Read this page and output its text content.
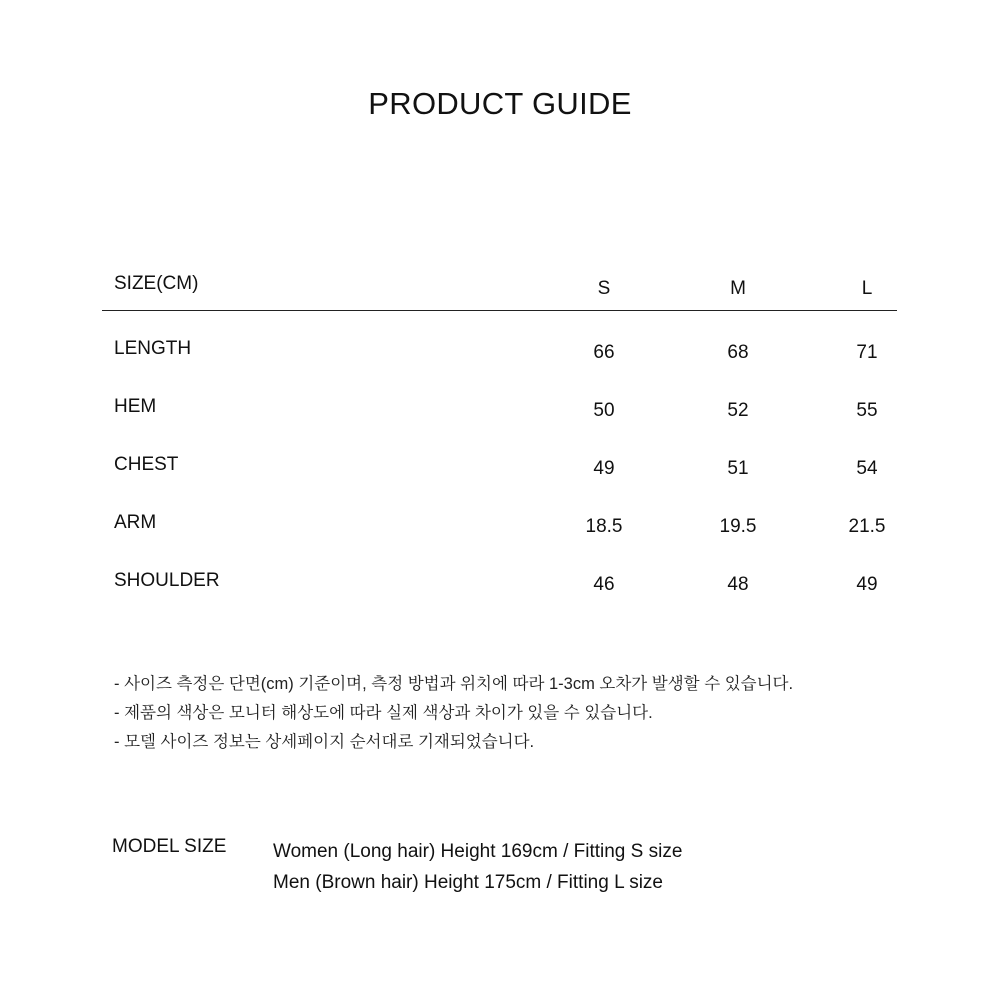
PRODUCT GUIDE
SIZE(CM)	S	M	L
LENGTH	66	68	71
HEM	50	52	55
CHEST	49	51	54
ARM	18.5	19.5	21.5
SHOULDER	46	48	49
- 사이즈 측정은 단면(cm) 기준이며, 측정 방법과 위치에 따라 1-3cm 오차가 발생할 수 있습니다.
- 제품의 색상은 모니터 해상도에 따라 실제 색상과 차이가 있을 수 있습니다.
- 모델 사이즈 정보는 상세페이지 순서대로 기재되었습니다.
MODEL SIZE Women (Long hair) Height 169cm / Fitting S size
Men (Brown hair) Height 175cm / Fitting L size
